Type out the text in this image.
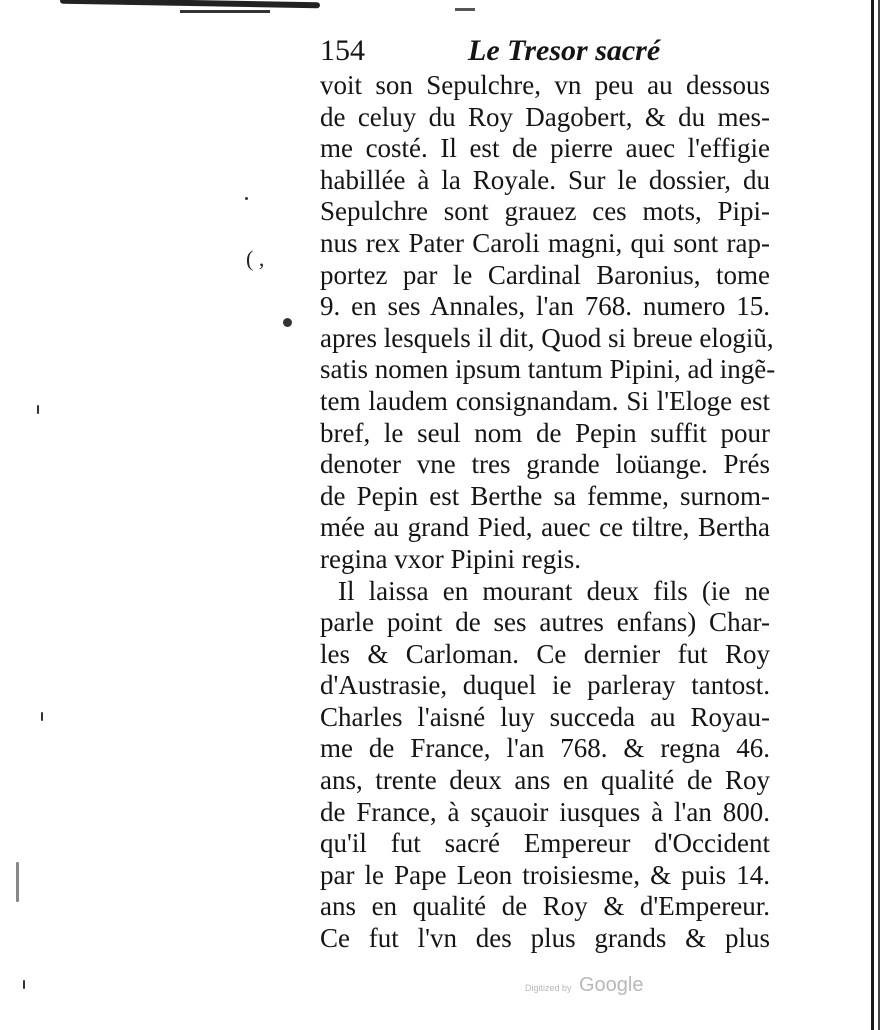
154	Le Tresor sacré
( ,
voit son Sepulchre, vn peu au dessous
de celuy du Roy Dagobert, & du mes-
me costé. Il est de pierre auec l'effigie
habillée à la Royale. Sur le dossier, du
Sepulchre sont grauez ces mots, Pipi-
nus rex Pater Caroli magni, qui sont rap-
portez par le Cardinal Baronius, tome
9. en ses Annales, l'an 768. numero 15.
apres lesquels il dit, Quod si breue elogiũ,
satis nomen ipsum tantum Pipini, ad ingẽ-
tem laudem consignandam. Si l'Eloge est
bref, le seul nom de Pepin suffit pour
denoter vne tres grande loüange. Prés
de Pepin est Berthe sa femme, surnom-
mée au grand Pied, auec ce tiltre, Bertha
regina vxor Pipini regis.
Il laissa en mourant deux fils (ie ne
parle point de ses autres enfans) Char-
les & Carloman. Ce dernier fut Roy
d'Austrasie, duquel ie parleray tantost.
Charles l'aisné luy succeda au Royau-
me de France, l'an 768. & regna 46.
ans, trente deux ans en qualité de Roy
de France, à sçauoir iusques à l'an 800.
qu'il fut sacré Empereur d'Occident
par le Pape Leon troisiesme, & puis 14.
ans en qualité de Roy & d'Empereur.
Ce fut l'vn des plus grands & plus
Digitized by Google
